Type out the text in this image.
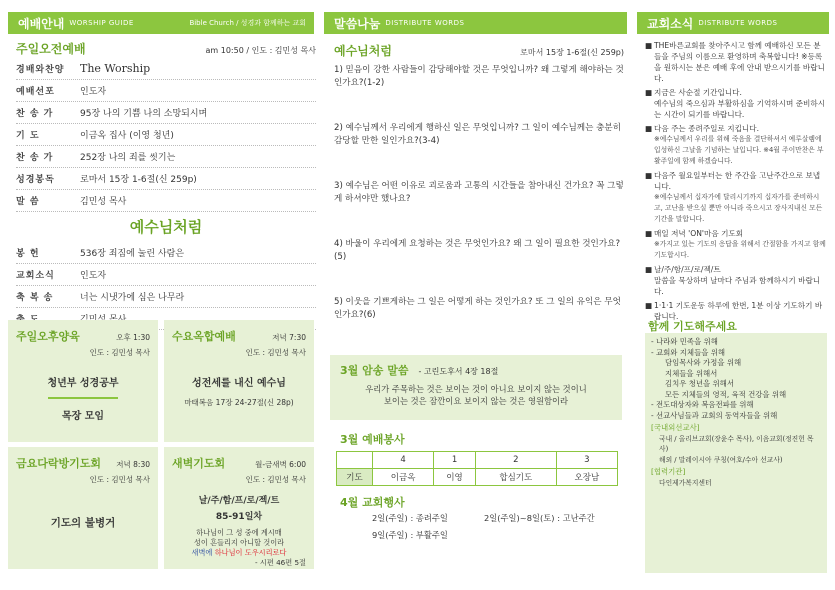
예배안내 WORSHIP GUIDE	Bible Church / 성경과 함께하는 교회	말씀나눔 DISTRIBUTE WORDS	교회소식 DISTRIBUTE WORDS
주일오전예배	am 10:50 / 인도 : 김민성 목사
경배와찬양	The Worship
예배선포	인도자
찬 송 가	95장 나의 기쁨 나의 소망되시며
기 도	이금옥 집사 (이영 청년)
찬 송 가	252장 나의 죄를 씻기는
성경봉독	로마서 15장 1-6절(신 259p)
말 씀	김민성 목사
예수님처럼
봉 헌	536장 죄짐에 눌린 사람은
교회소식	인도자
축 복 송	너는 시냇가에 심은 나무라
주일오후양육	오후 1:30
인도 : 김민성 목사
청년부 성경공부
목장 모임
수요옥합예배	저녁 7:30
인도 : 김민성 목사
성전세를 내신 예수님
마태복음 17장 24-27절(신 28p)
금요다락방기도회 저녁 8:30
인도 : 김민성 목사
기도의 불병거
새벽기도회	월-금새벽 6:00
인도 : 김민성 목사
날/주/함/프/로/젝/트
85-91일차
하나님이 그 성 중에 계시매
성이 흔들리지 아니할 것이라
새벽에 하나님이 도우시리로다
- 시편 46편 5절
예수님처럼	로마서 15장 1-6절(신 259p)
1) 믿음이 강한 사람들이 감당해야할 것은 무엇입니까? 왜 그렇게 해야하는 것인가요?(1-2)
2) 예수님께서 우리에게 행하신 일은 무엇입니까? 그 일이 예수님께는 충분히 감당할 만한 일인가요?(3-4)
3) 예수님은 어떤 이유로 괴로움과 고통의 시간들을 참아내신 건가요? 꼭 그렇게 하셔야만 했나요?
4) 바울이 우리에게 요청하는 것은 무엇인가요? 왜 그 일이 필요한 것인가요?(5)
5) 이웃을 기쁘게하는 그 일은 어떻게 하는 것인가요? 또 그 일의 유익은 무엇인가요?(6)
3월 암송 말씀 - 고린도후서 4장 18절
우리가 주목하는 것은 보이는 것이 아니요 보이지 않는 것이니
보이는 것은 잠깐이요 보이지 않는 것은 영원함이라
3월 예배봉사
	4	1	2	3
기도	이금옥	이영	합심기도	오장남
4월 교회행사
2일(주일) : 종려주일	2일(주일)~8일(토) : 고난주간
9일(주일) : 부활주일
■ THE바른교회를 찾아주시고 함께 예배하신 모든 분들을 주님의 이름으로 환영하며 축복합니다! ※등록을 원하시는 분은 예배 후에 안내 받으시기를 바랍니다.
■ 지금은 사순절 기간입니다.
예수님의 죽으심과 부활하심을 기억하시며 준비하시는 시간이 되기를 바랍니다.
■ 다음 주는 종려주일로 지킵니다.
※예수님께서 우리를 위해 죽음을 결단하셔서 예루살렘에 입성하신 그날을 기념하는 날입니다. ※4월 주이만찬은 부활주일에 함께 하겠습니다.
■ 다음주 월요일부터는 한 주간을 고난주간으로 보냅니다.
※예수님께서 십자가에 달리시기까지 십자가를 준비하시고, 고난을 받으실 뿐만 아니라 죽으시고 장사지내신 모든 기간을 말합니다.
■ 매일 저녁 'ON'마음 기도회
※가지고 있는 기도의 응답을 위해서 간절함을 가지고 함께 기도합시다.
■ 날/주/함/프/로/젝/트
말씀을 묵상하며 날마다 주님과 함께하시기 바랍니다.
■ 1·1·1 기도운동 하루에 한번, 1분 이상 기도하기 바랍니다.
함께 기도해주세요
- 나라와 민족을 위해
- 교회와 지체들을 위해
담임목사와 가정을 위해
지체들을 위해서
김치우 청년을 위해서
모든 지체들의 영적, 육적 건강을 위해
- 전도대상자와 복음전파를 위해
- 선교사님들과 교회의 동역자들을 위해
[국내외선교사]
국내 / 올리브교회(장윤수 목사), 이음교회(정진헌 목사)
해외 / 말레이시아 쿠칭(여호/수아 선교사)
[협력기관]
다인제가복지센터
